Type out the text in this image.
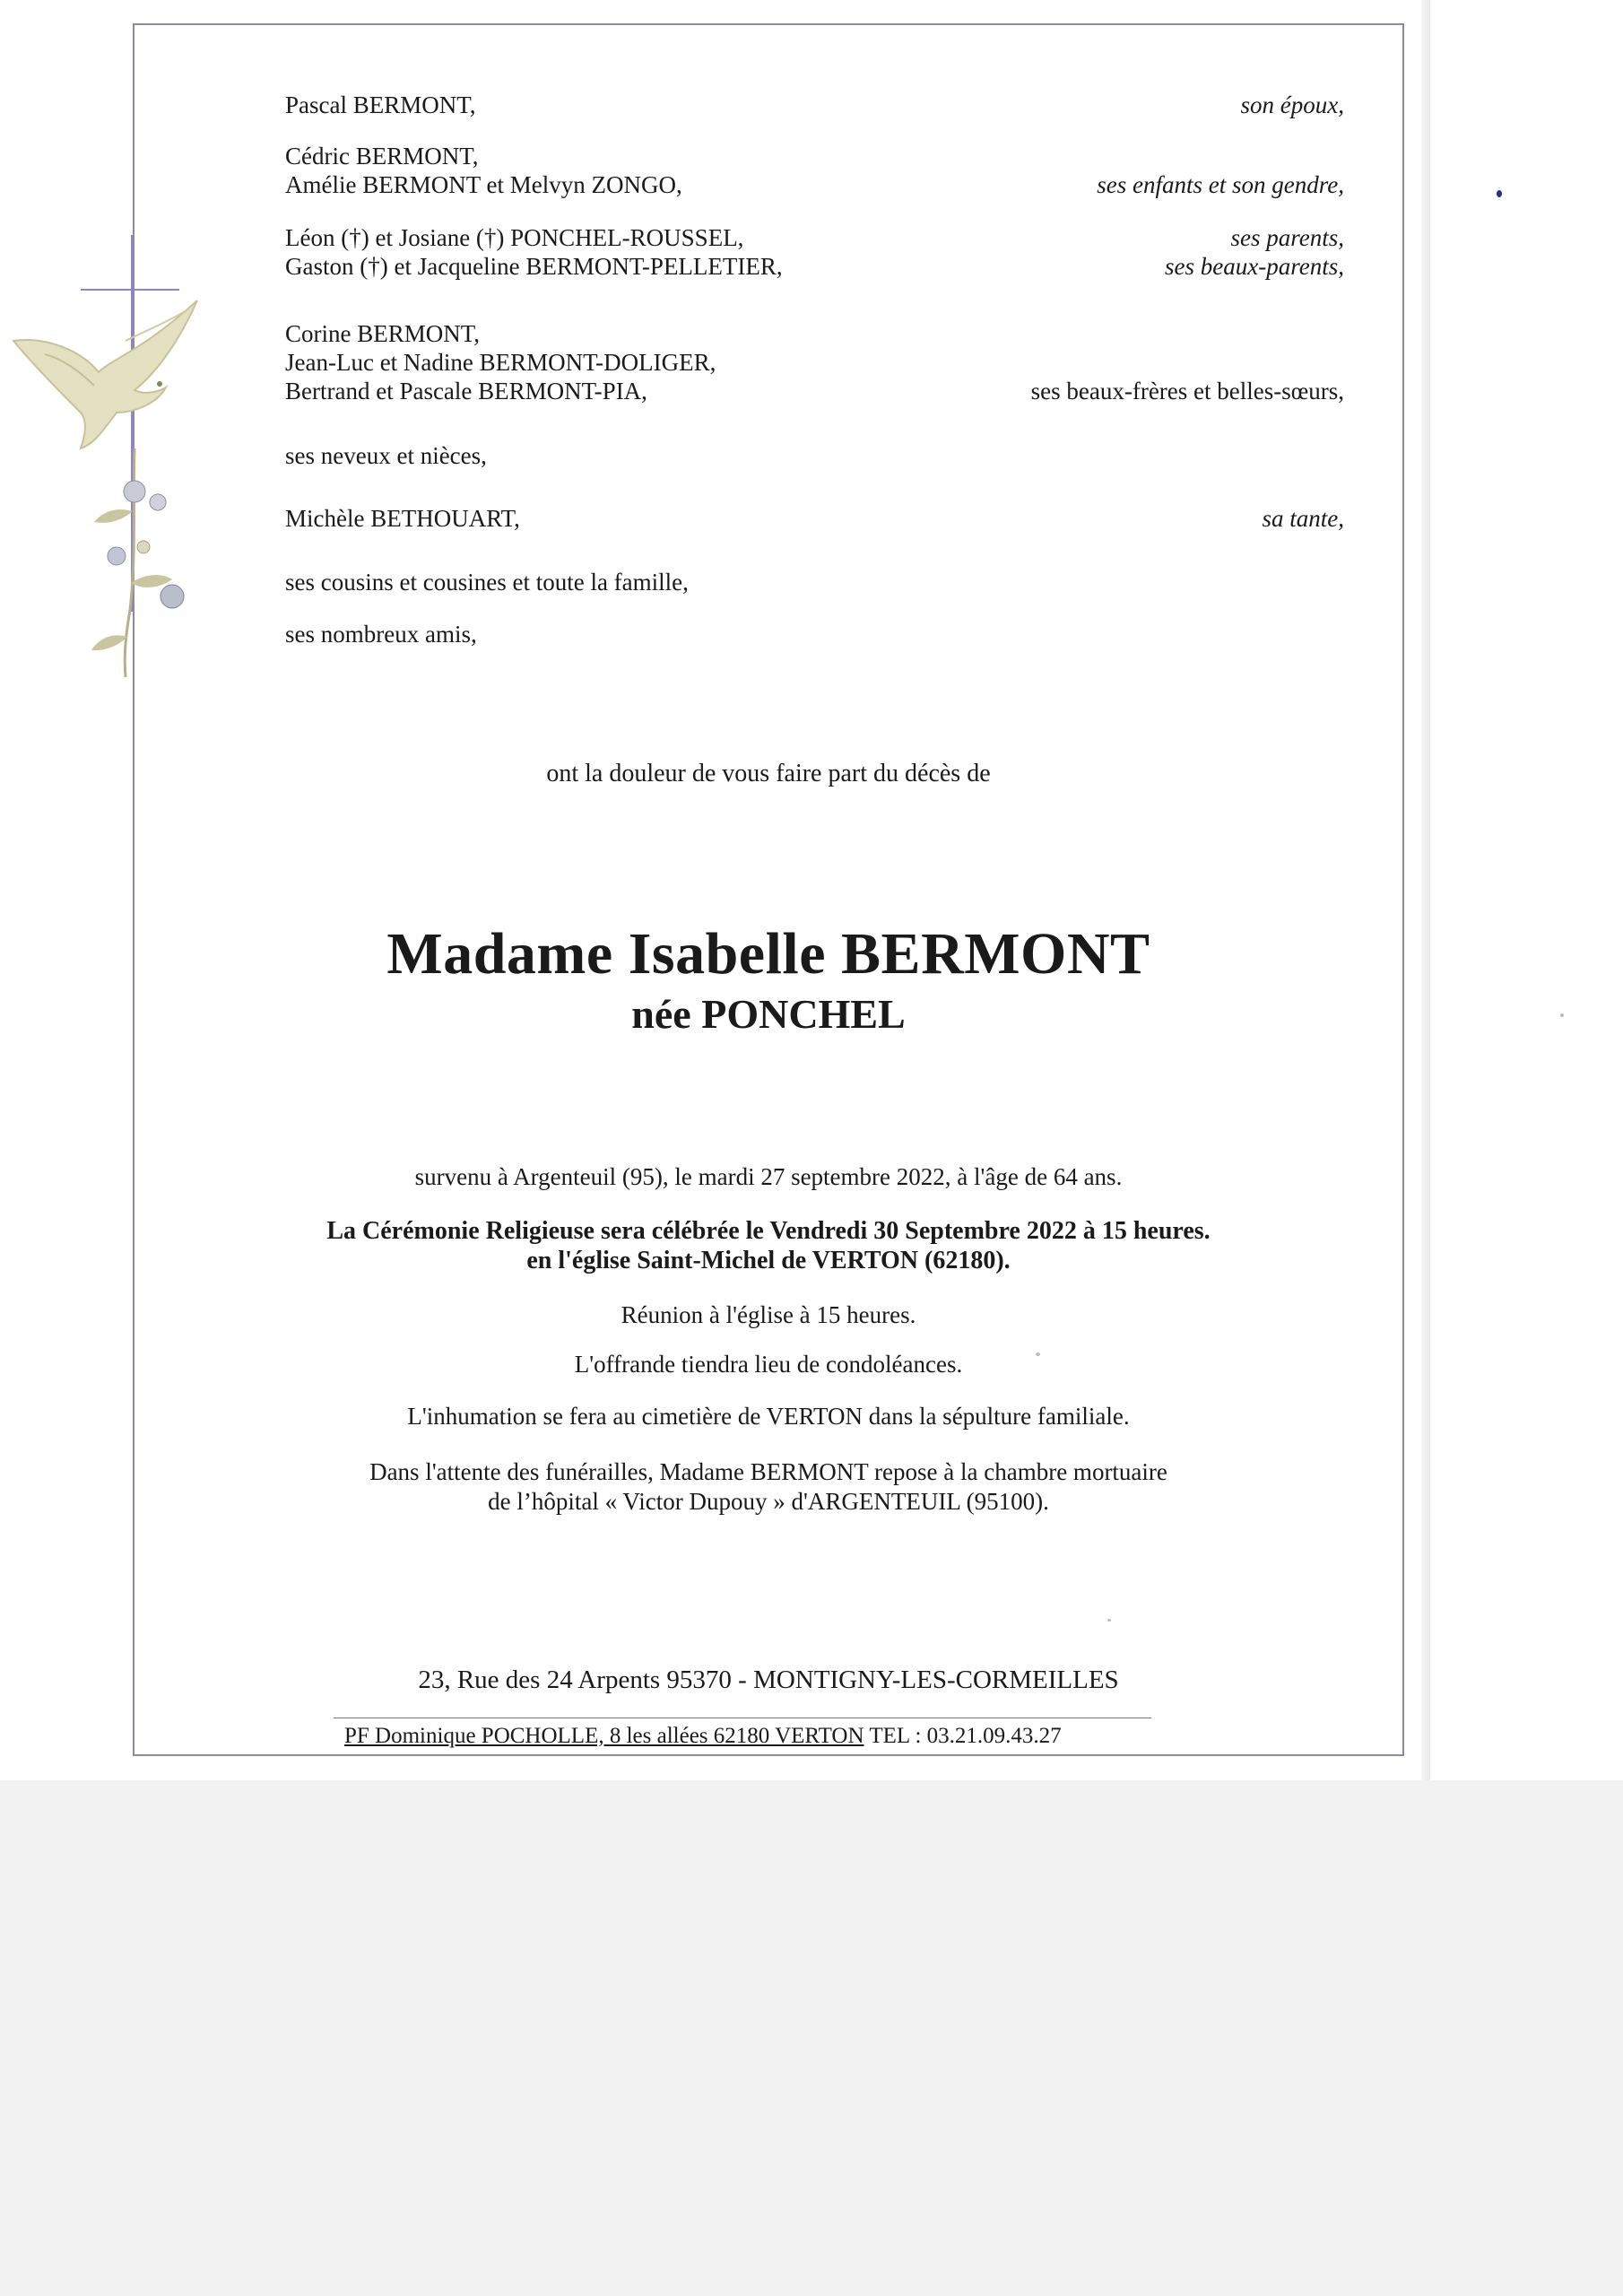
Pascal BERMONT,	son époux,
Cédric BERMONT,
Amélie BERMONT et Melvyn ZONGO,	ses enfants et son gendre,
Léon (†) et Josiane (†) PONCHEL-ROUSSEL,	ses parents,
Gaston (†) et Jacqueline BERMONT-PELLETIER,	ses beaux-parents,
Corine BERMONT,
Jean-Luc et Nadine BERMONT-DOLIGER,
Bertrand et Pascale BERMONT-PIA,	ses beaux-frères et belles-sœurs,
ses neveux et nièces,
Michèle BETHOUART,	sa tante,
ses cousins et cousines et toute la famille,
ses nombreux amis,
ont la douleur de vous faire part du décès de
Madame Isabelle BERMONT
née PONCHEL
survenu à Argenteuil (95), le mardi 27 septembre 2022, à l'âge de 64 ans.
La Cérémonie Religieuse sera célébrée le Vendredi 30 Septembre 2022 à 15 heures.
en l'église Saint-Michel de VERTON (62180).
Réunion à l'église à 15 heures.
L'offrande tiendra lieu de condoléances.
L'inhumation se fera au cimetière de VERTON dans la sépulture familiale.
Dans l'attente des funérailles, Madame BERMONT repose à la chambre mortuaire
de l’hôpital « Victor Dupouy » d'ARGENTEUIL (95100).
23, Rue des 24 Arpents 95370 - MONTIGNY-LES-CORMEILLES
PF Dominique POCHOLLE, 8 les allées 62180 VERTON TEL : 03.21.09.43.27
